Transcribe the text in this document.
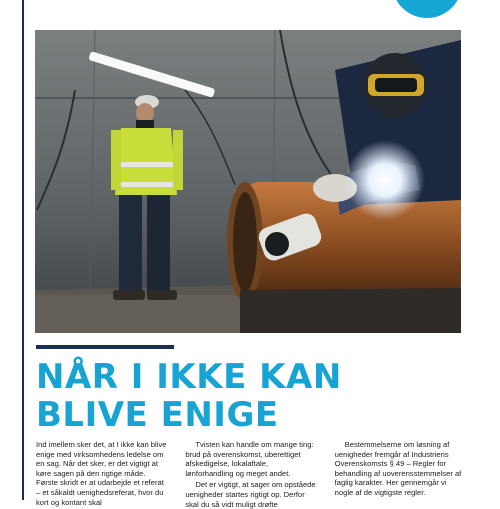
NÅR I IKKE KAN
BLIVE ENIGE

Ind imellem sker det, at I ikke kan blive enige med virksomhedens ledelse om en sag. Når det sker, er det vigtigt at køre sagen på den rigtige måde. Første skridt er at udarbejde et referat – et såkaldt uenighedsreferat, hvor du kort og kontant skal

Tvisten kan handle om mange ting: brud på overenskomst, uberettiget afskedigelse, lokalaftale, lønforhandling og meget andet.

Det er vigtigt, at sager om opståede uenigheder startes rigtigt op. Derfor skal du så vidt muligt drøfte

Bestemmelserne om løsning af uenigheder fremgår af Industriens Overenskomsts § 49 – Regler for behandling af uoverensstemmelser af faglig karakter. Her gennemgår vi nogle af de vigtigste regler.
